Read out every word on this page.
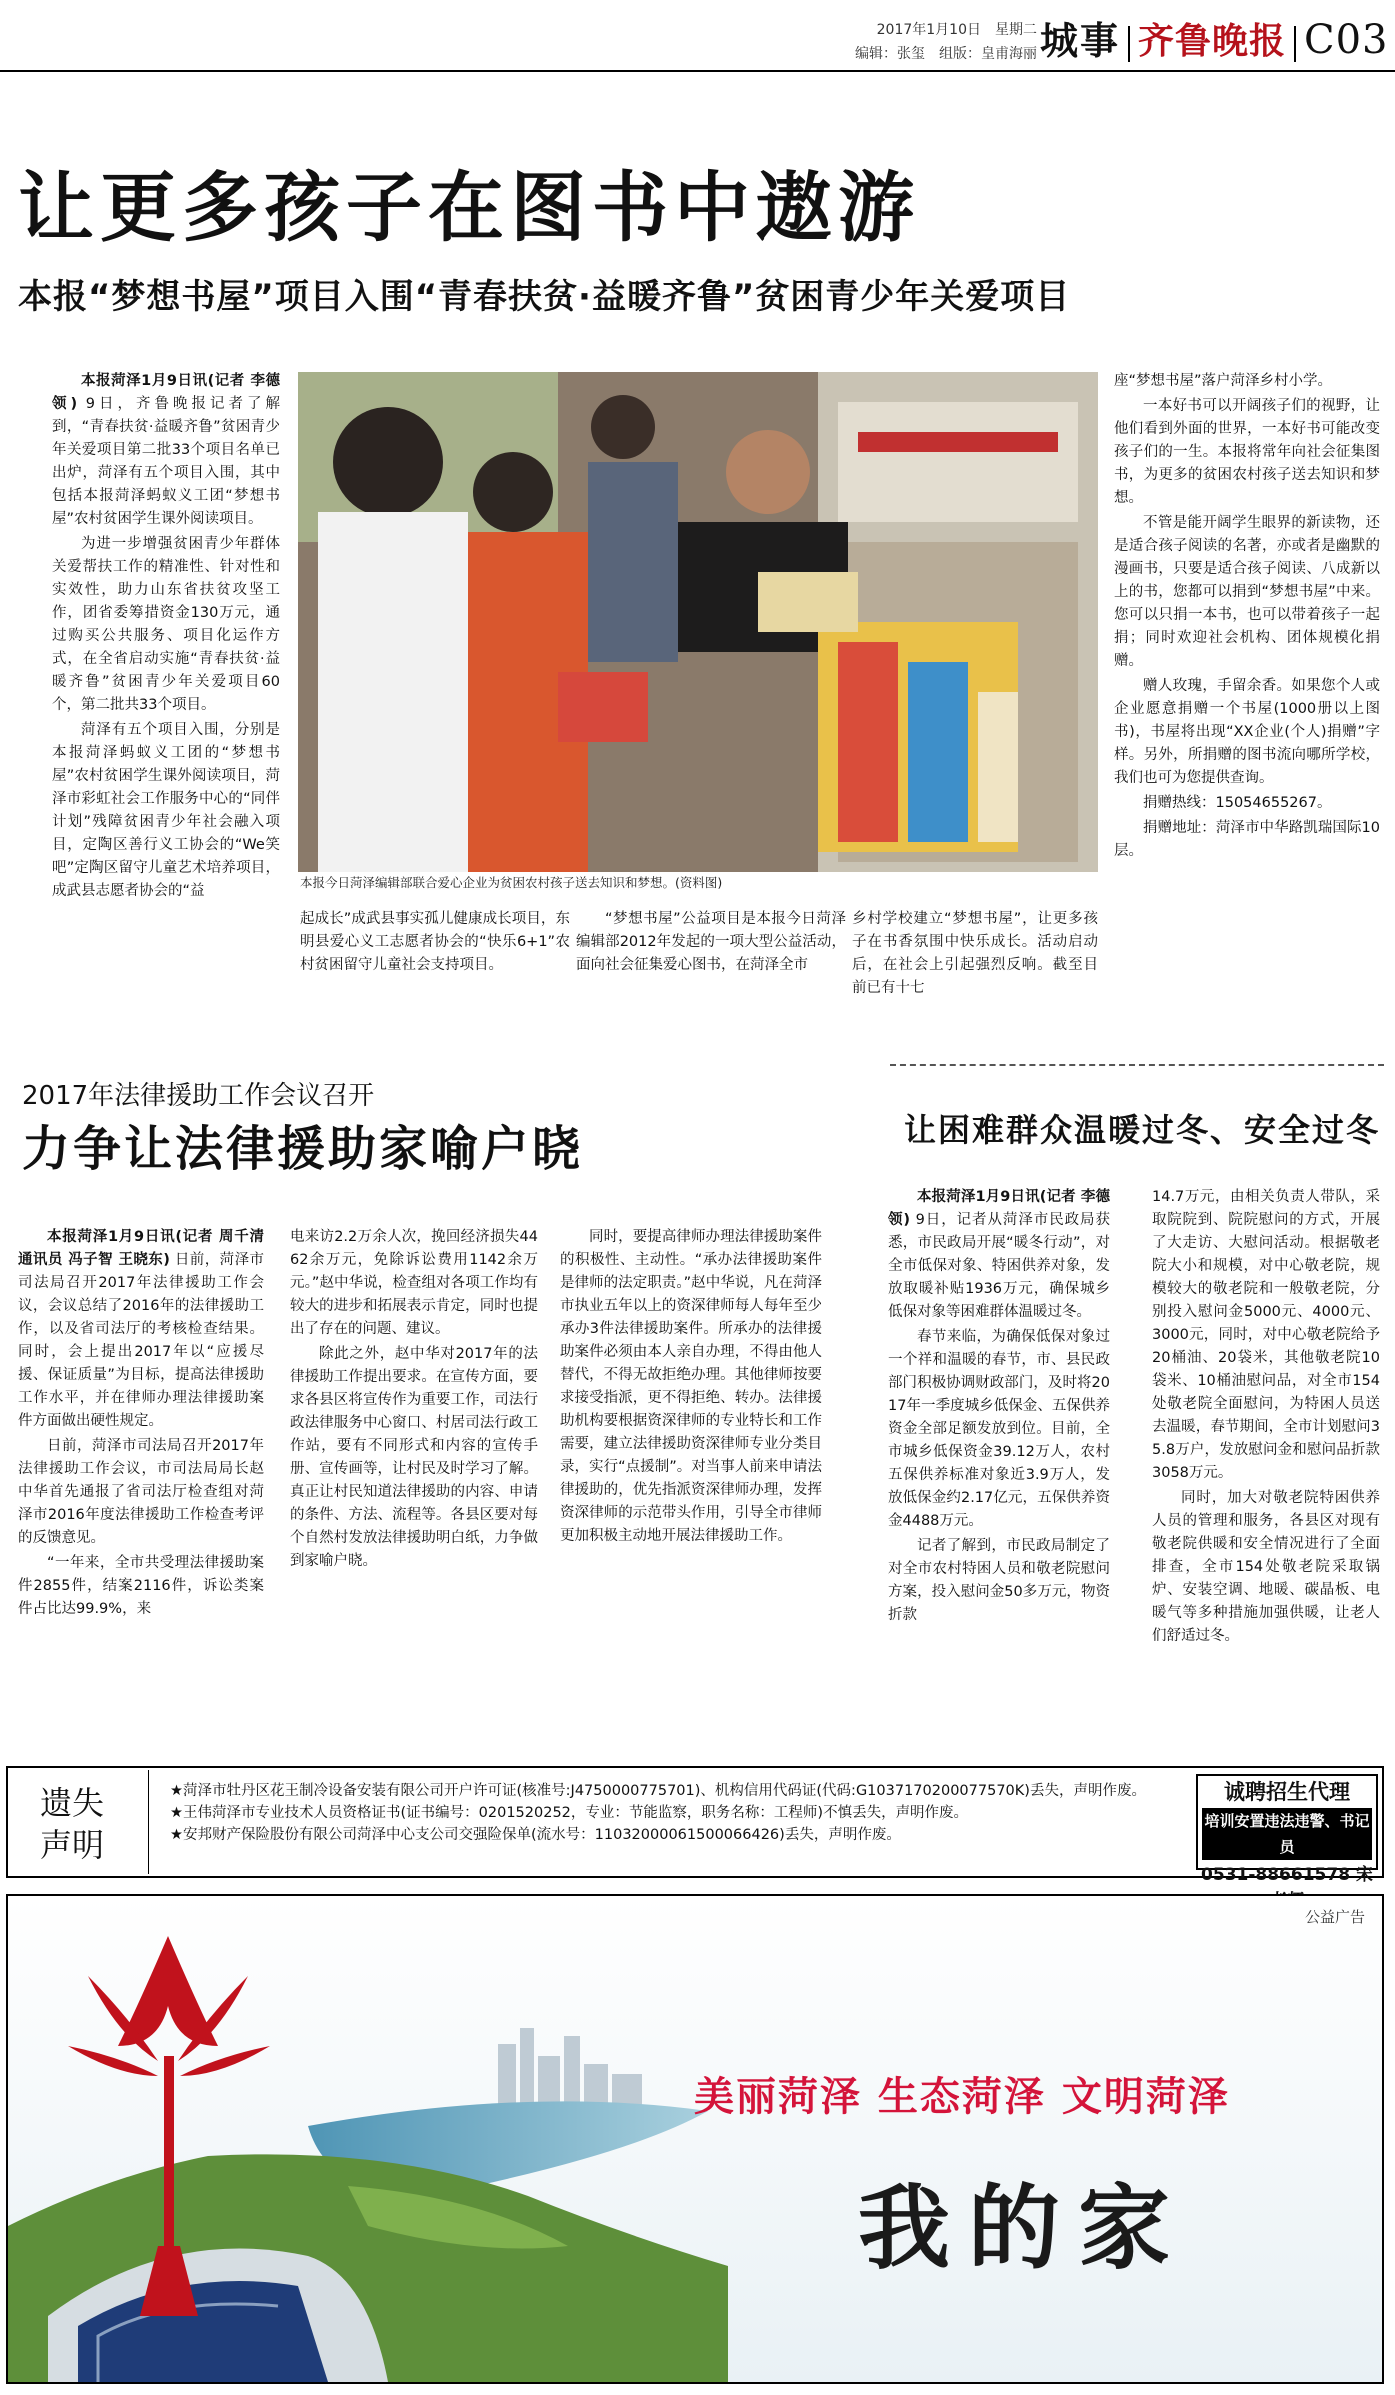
2017年1月10日　星期二
编辑：张玺　组版：皇甫海丽 城事 齐鲁晚报 C03
让更多孩子在图书中遨游
本报“梦想书屋”项目入围“青春扶贫·益暖齐鲁”贫困青少年关爱项目

本报菏泽1月9日讯(记者 李德领) 9日，齐鲁晚报记者了解到，“青春扶贫·益暖齐鲁”贫困青少年关爱项目第二批33个项目名单已出炉，菏泽有五个项目入围，其中包括本报菏泽蚂蚁义工团“梦想书屋”农村贫困学生课外阅读项目。

为进一步增强贫困青少年群体关爱帮扶工作的精准性、针对性和实效性，助力山东省扶贫攻坚工作，团省委筹措资金130万元，通过购买公共服务、项目化运作方式，在全省启动实施“青春扶贫·益暖齐鲁”贫困青少年关爱项目60个，第二批共33个项目。

菏泽有五个项目入围，分别是本报菏泽蚂蚁义工团的“梦想书屋”农村贫困学生课外阅读项目，菏泽市彩虹社会工作服务中心的“同伴计划”残障贫困青少年社会融入项目，定陶区善行义工协会的“We笑吧”定陶区留守儿童艺术培养项目，成武县志愿者协会的“益

本报今日菏泽编辑部联合爱心企业为贫困农村孩子送去知识和梦想。(资料图)

起成长”成武县事实孤儿健康成长项目，东明县爱心义工志愿者协会的“快乐6+1”农村贫困留守儿童社会支持项目。

“梦想书屋”公益项目是本报今日菏泽编辑部2012年发起的一项大型公益活动，面向社会征集爱心图书，在菏泽全市

乡村学校建立“梦想书屋”，让更多孩子在书香氛围中快乐成长。活动启动后，在社会上引起强烈反响。截至目前已有十七

座“梦想书屋”落户菏泽乡村小学。

一本好书可以开阔孩子们的视野，让他们看到外面的世界，一本好书可能改变孩子们的一生。本报将常年向社会征集图书，为更多的贫困农村孩子送去知识和梦想。

不管是能开阔学生眼界的新读物，还是适合孩子阅读的名著，亦或者是幽默的漫画书，只要是适合孩子阅读、八成新以上的书，您都可以捐到“梦想书屋”中来。您可以只捐一本书，也可以带着孩子一起捐；同时欢迎社会机构、团体规模化捐赠。

赠人玫瑰，手留余香。如果您个人或企业愿意捐赠一个书屋(1000册以上图书)，书屋将出现“XX企业(个人)捐赠”字样。另外，所捐赠的图书流向哪所学校，我们也可为您提供查询。

捐赠热线：15054655267。

捐赠地址：菏泽市中华路凯瑞国际10层。

2017年法律援助工作会议召开
力争让法律援助家喻户晓

本报菏泽1月9日讯(记者 周千清 通讯员 冯子智 王晓东) 日前，菏泽市司法局召开2017年法律援助工作会议，会议总结了2016年的法律援助工作，以及省司法厅的考核检查结果。同时，会上提出2017年以“应援尽援、保证质量”为目标，提高法律援助工作水平，并在律师办理法律援助案件方面做出硬性规定。

日前，菏泽市司法局召开2017年法律援助工作会议，市司法局局长赵中华首先通报了省司法厅检查组对菏泽市2016年度法律援助工作检查考评的反馈意见。

“一年来，全市共受理法律援助案件2855件，结案2116件，诉讼类案件占比达99.9%，来

电来访2.2万余人次，挽回经济损失4462余万元，免除诉讼费用1142余万元。”赵中华说，检查组对各项工作均有较大的进步和拓展表示肯定，同时也提出了存在的问题、建议。

除此之外，赵中华对2017年的法律援助工作提出要求。在宣传方面，要求各县区将宣传作为重要工作，司法行政法律服务中心窗口、村居司法行政工作站，要有不同形式和内容的宣传手册、宣传画等，让村民及时学习了解。真正让村民知道法律援助的内容、申请的条件、方法、流程等。各县区要对每个自然村发放法律援助明白纸，力争做到家喻户晓。

同时，要提高律师办理法律援助案件的积极性、主动性。“承办法律援助案件是律师的法定职责。”赵中华说，凡在菏泽市执业五年以上的资深律师每人每年至少承办3件法律援助案件。所承办的法律援助案件必须由本人亲自办理，不得由他人替代，不得无故拒绝办理。其他律师按要求接受指派，更不得拒绝、转办。法律援助机构要根据资深律师的专业特长和工作需要，建立法律援助资深律师专业分类目录，实行“点援制”。对当事人前来申请法律援助的，优先指派资深律师办理，发挥资深律师的示范带头作用，引导全市律师更加积极主动地开展法律援助工作。

让困难群众温暖过冬、安全过冬

本报菏泽1月9日讯(记者 李德领) 9日，记者从菏泽市民政局获悉，市民政局开展“暖冬行动”，对全市低保对象、特困供养对象，发放取暖补贴1936万元，确保城乡低保对象等困难群体温暖过冬。

春节来临，为确保低保对象过一个祥和温暖的春节，市、县民政部门积极协调财政部门，及时将2017年一季度城乡低保金、五保供养资金全部足额发放到位。目前，全市城乡低保资金39.12万人，农村五保供养标准对象近3.9万人，发放低保金约2.17亿元，五保供养资金4488万元。

记者了解到，市民政局制定了对全市农村特困人员和敬老院慰问方案，投入慰问金50多万元，物资折款

14.7万元，由相关负责人带队，采取院院到、院院慰问的方式，开展了大走访、大慰问活动。根据敬老院大小和规模，对中心敬老院，规模较大的敬老院和一般敬老院，分别投入慰问金5000元、4000元、3000元，同时，对中心敬老院给予20桶油、20袋米，其他敬老院10袋米、10桶油慰问品，对全市154处敬老院全面慰问，为特困人员送去温暖，春节期间，全市计划慰问35.8万户，发放慰问金和慰问品折款3058万元。

同时，加大对敬老院特困供养人员的管理和服务，各县区对现有敬老院供暖和安全情况进行了全面排查，全市154处敬老院采取锅炉、安装空调、地暖、碳晶板、电暖气等多种措施加强供暖，让老人们舒适过冬。

遗失声明
★菏泽市牡丹区花王制冷设备安装有限公司开户许可证(核准号:J4750000775701)、机构信用代码证(代码:G1037170200077570K)丢失，声明作废。
★王伟菏泽市专业技术人员资格证书(证书编号：0201520252，专业：节能监察，职务名称：工程师)不慎丢失，声明作废。
★安邦财产保险股份有限公司菏泽中心支公司交强险保单(流水号：11032000061500066426)丢失，声明作废。
诚聘招生代理
培训安置违法违警、书记员
0531-88661578 宋
公益广告
美丽菏泽 生态菏泽 文明菏泽
我的家
